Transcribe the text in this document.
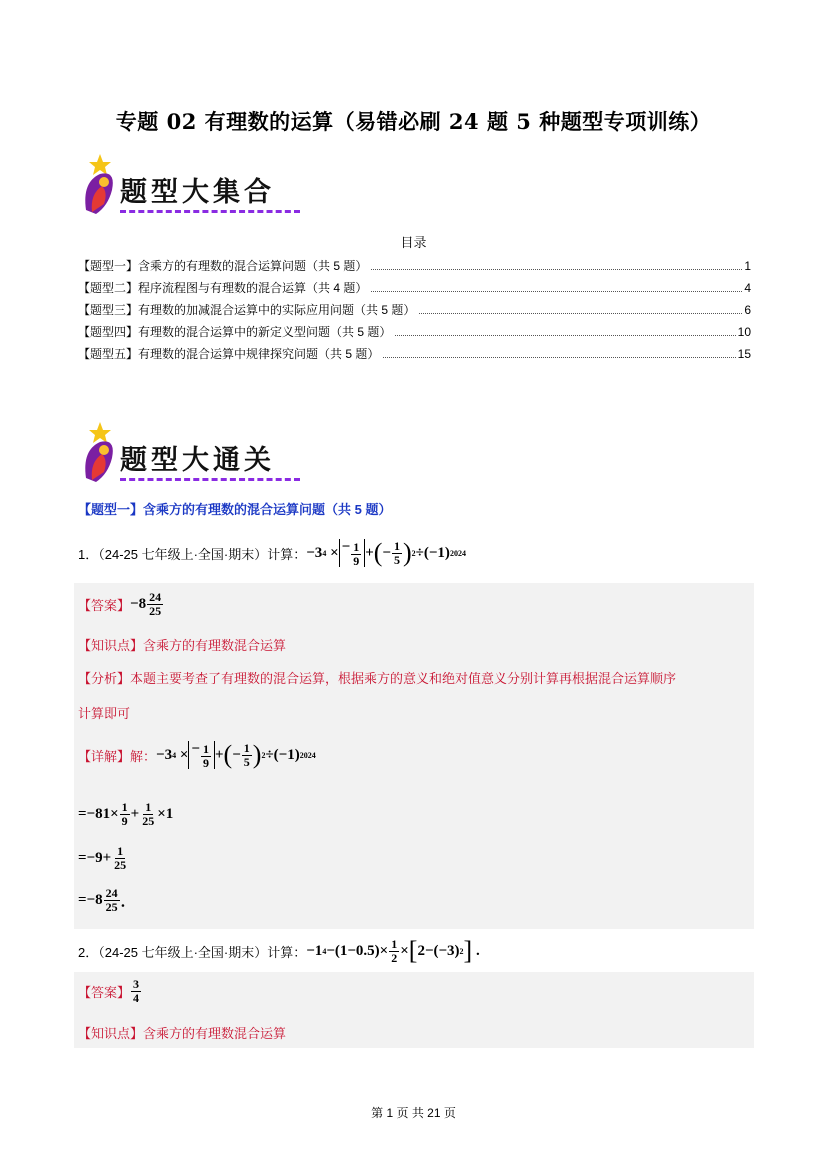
专题 02 有理数的运算（易错必刷 24 题 5 种题型专项训练）
题型大集合
目录
【题型一】含乘方的有理数的混合运算问题（共 5 题）	1
【题型二】程序流程图与有理数的混合运算（共 4 题）	4
【题型三】有理数的加减混合运算中的实际应用问题（共 5 题）	6
【题型四】有理数的混合运算中的新定义型问题（共 5 题）	10
【题型五】有理数的混合运算中规律探究问题（共 5 题）	15
题型大通关
【题型一】含乘方的有理数的混合运算问题（共 5 题）
1．（24-25 七年级上·全国·期末）计算： −3 4 × − $\frac{1}{9}$ + ( − $\frac{1}{5}$ ) 2 ÷(−1) 2024
【答案】 $-8 \frac{24}{25}$
【知识点】含乘方的有理数混合运算
【分析】本题主要考查了有理数的混合运算，根据乘方的意义和绝对值意义分别计算再根据混合运算顺序
计算即可
【详解】 解： −3 4 × − $\frac{1}{9}$ + ( − $\frac{1}{5}$ ) 2 ÷(−1) 2024
$=-81\times \frac{1}{9} + \frac{1}{25} \times 1$
$=-9+ \frac{1}{25}$
$=-8 \frac{24}{25}$ ．
2．（24-25 七年级上·全国·期末）计算： −1 $4 -(1-0.5)\times \frac{1}{2}$ × [ 2−(−3) 2 ] .
【答案】 $\frac{3}{4}$
【知识点】含乘方的有理数混合运算
第 1 页 共 21 页
